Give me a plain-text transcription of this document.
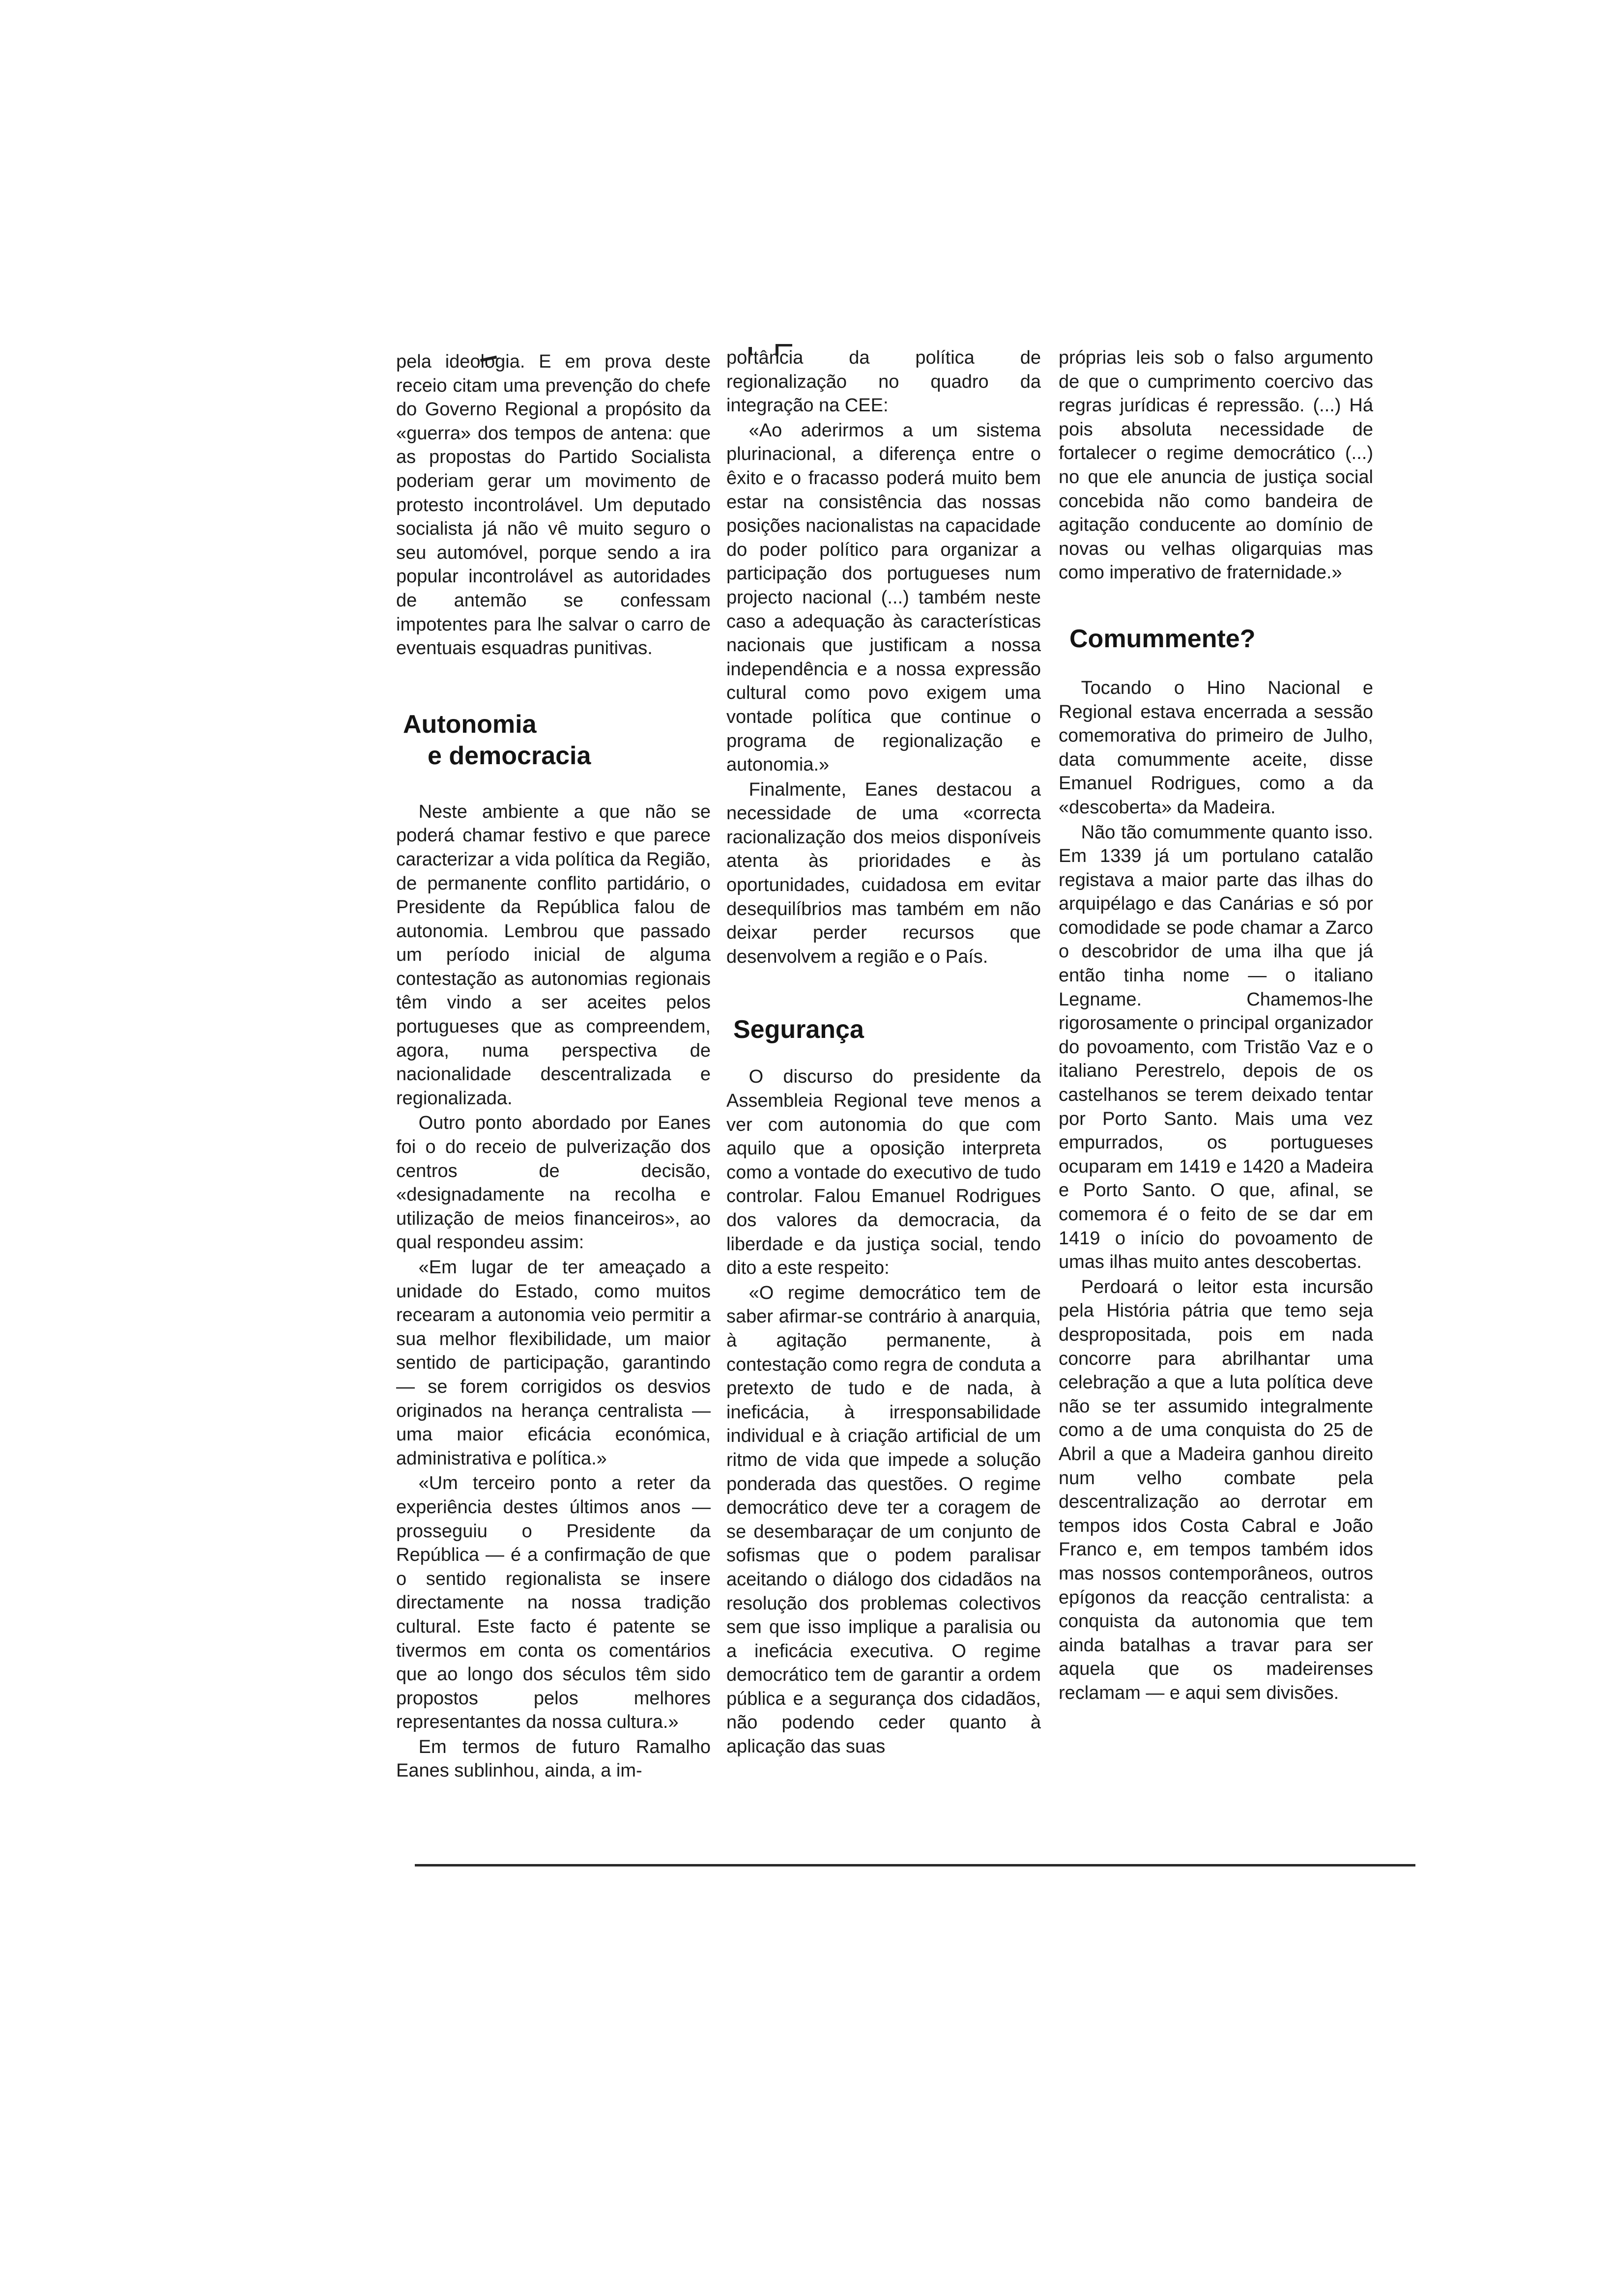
pela ideologia. E em prova deste receio citam uma prevenção do chefe do Governo Regional a propósito da «guerra» dos tempos de antena: que as propostas do Partido Socialista poderiam gerar um movimento de protesto incontrolável. Um deputado socialista já não vê muito seguro o seu automóvel, porque sendo a ira popular incontrolável as autoridades de antemão se confessam impotentes para lhe salvar o carro de eventuais esquadras punitivas.

Autonomia
e democracia

Neste ambiente a que não se poderá chamar festivo e que parece caracterizar a vida política da Região, de permanente conflito partidário, o Presidente da República falou de autonomia. Lembrou que passado um período inicial de alguma contestação as autonomias regionais têm vindo a ser aceites pelos portugueses que as compreendem, agora, numa perspectiva de nacionalidade descentralizada e regionalizada.

Outro ponto abordado por Eanes foi o do receio de pulverização dos centros de decisão, «designadamente na recolha e utilização de meios financeiros», ao qual respondeu assim:

«Em lugar de ter ameaçado a unidade do Estado, como muitos recearam a autonomia veio permitir a sua melhor flexibilidade, um maior sentido de participação, garantindo — se forem corrigidos os desvios originados na herança centralista — uma maior eficácia económica, administrativa e política.»

«Um terceiro ponto a reter da experiência destes últimos anos — prosseguiu o Presidente da República — é a confirmação de que o sentido regionalista se insere directamente na nossa tradição cultural. Este facto é patente se tivermos em conta os comentários que ao longo dos séculos têm sido propostos pelos melhores representantes da nossa cultura.»

Em termos de futuro Ramalho Eanes sublinhou, ainda, a im-

portância da política de regionalização no quadro da integração na CEE:

«Ao aderirmos a um sistema plurinacional, a diferença entre o êxito e o fracasso poderá muito bem estar na consistência das nossas posições nacionalistas na capacidade do poder político para organizar a participação dos portugueses num projecto nacional (...) também neste caso a adequação às características nacionais que justificam a nossa independência e a nossa expressão cultural como povo exigem uma vontade política que continue o programa de regionalização e autonomia.»

Finalmente, Eanes destacou a necessidade de uma «correcta racionalização dos meios disponíveis atenta às prioridades e às oportunidades, cuidadosa em evitar desequilíbrios mas também em não deixar perder recursos que desenvolvem a região e o País.

Segurança

O discurso do presidente da Assembleia Regional teve menos a ver com autonomia do que com aquilo que a oposição interpreta como a vontade do executivo de tudo controlar. Falou Emanuel Rodrigues dos valores da democracia, da liberdade e da justiça social, tendo dito a este respeito:

«O regime democrático tem de saber afirmar-se contrário à anarquia, à agitação permanente, à contestação como regra de conduta a pretexto de tudo e de nada, à ineficácia, à irresponsabilidade individual e à criação artificial de um ritmo de vida que impede a solução ponderada das questões. O regime democrático deve ter a coragem de se desembaraçar de um conjunto de sofismas que o podem paralisar aceitando o diálogo dos cidadãos na resolução dos problemas colectivos sem que isso implique a paralisia ou a ineficácia executiva. O regime democrático tem de garantir a ordem pública e a segurança dos cidadãos, não podendo ceder quanto à aplicação das suas

próprias leis sob o falso argumento de que o cumprimento coercivo das regras jurídicas é repressão. (...) Há pois absoluta necessidade de fortalecer o regime democrático (...) no que ele anuncia de justiça social concebida não como bandeira de agitação conducente ao domínio de novas ou velhas oligarquias mas como imperativo de fraternidade.»

Comummente?

Tocando o Hino Nacional e Regional estava encerrada a sessão comemorativa do primeiro de Julho, data comummente aceite, disse Emanuel Rodrigues, como a da «descoberta» da Madeira.

Não tão comummente quanto isso. Em 1339 já um portulano catalão registava a maior parte das ilhas do arquipélago e das Canárias e só por comodidade se pode chamar a Zarco o descobridor de uma ilha que já então tinha nome — o italiano Legname. Chamemos-lhe rigorosamente o principal organizador do povoamento, com Tristão Vaz e o italiano Perestrelo, depois de os castelhanos se terem deixado tentar por Porto Santo. Mais uma vez empurrados, os portugueses ocuparam em 1419 e 1420 a Madeira e Porto Santo. O que, afinal, se comemora é o feito de se dar em 1419 o início do povoamento de umas ilhas muito antes descobertas.

Perdoará o leitor esta incursão pela História pátria que temo seja despropositada, pois em nada concorre para abrilhantar uma celebração a que a luta política deve não se ter assumido integralmente como a de uma conquista do 25 de Abril a que a Madeira ganhou direito num velho combate pela descentralização ao derrotar em tempos idos Costa Cabral e João Franco e, em tempos também idos mas nossos contemporâneos, outros epígonos da reacção centralista: a conquista da autonomia que tem ainda batalhas a travar para ser aquela que os madeirenses reclamam — e aqui sem divisões.
